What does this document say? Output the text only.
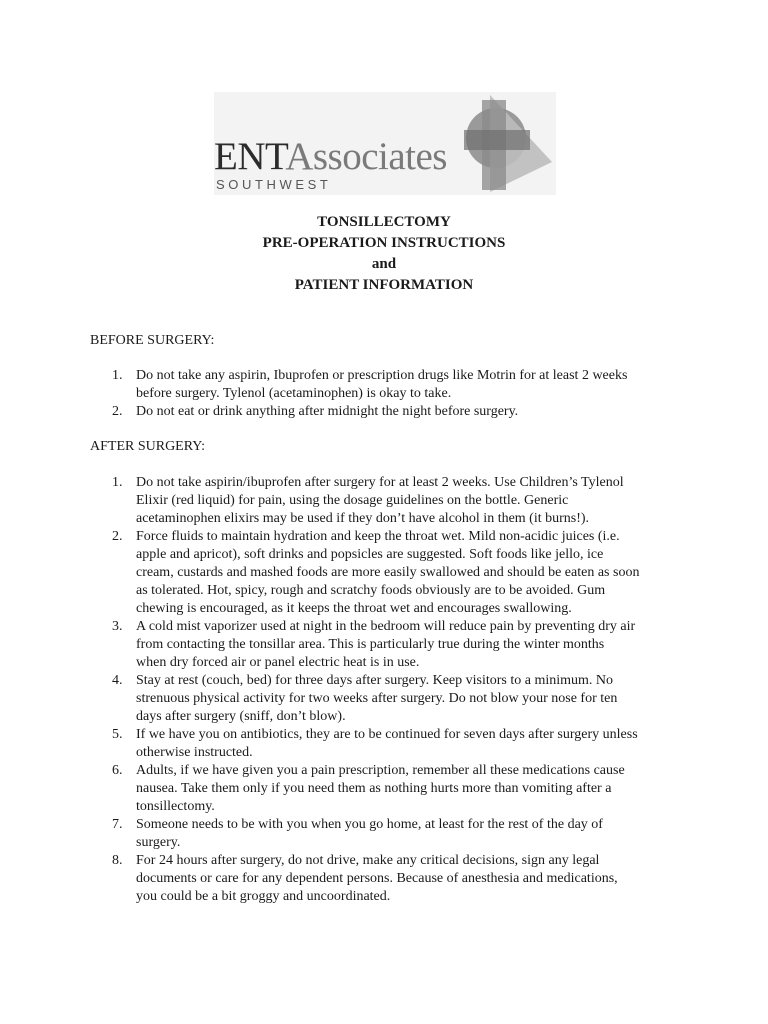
ENTAssociates
SOUTHWEST
TONSILLECTOMY
PRE-OPERATION INSTRUCTIONS
and
PATIENT INFORMATION
BEFORE SURGERY:
1. Do not take any aspirin, Ibuprofen or prescription drugs like Motrin for at least 2 weeks
before surgery. Tylenol (acetaminophen) is okay to take.
2. Do not eat or drink anything after midnight the night before surgery.
AFTER SURGERY:
1. Do not take aspirin/ibuprofen after surgery for at least 2 weeks. Use Children’s Tylenol
Elixir (red liquid) for pain, using the dosage guidelines on the bottle. Generic
acetaminophen elixirs may be used if they don’t have alcohol in them (it burns!).
2. Force fluids to maintain hydration and keep the throat wet. Mild non-acidic juices (i.e.
apple and apricot), soft drinks and popsicles are suggested. Soft foods like jello, ice
cream, custards and mashed foods are more easily swallowed and should be eaten as soon
as tolerated. Hot, spicy, rough and scratchy foods obviously are to be avoided. Gum
chewing is encouraged, as it keeps the throat wet and encourages swallowing.
3. A cold mist vaporizer used at night in the bedroom will reduce pain by preventing dry air
from contacting the tonsillar area. This is particularly true during the winter months
when dry forced air or panel electric heat is in use.
4. Stay at rest (couch, bed) for three days after surgery. Keep visitors to a minimum. No
strenuous physical activity for two weeks after surgery. Do not blow your nose for ten
days after surgery (sniff, don’t blow).
5. If we have you on antibiotics, they are to be continued for seven days after surgery unless
otherwise instructed.
6. Adults, if we have given you a pain prescription, remember all these medications cause
nausea. Take them only if you need them as nothing hurts more than vomiting after a
tonsillectomy.
7. Someone needs to be with you when you go home, at least for the rest of the day of
surgery.
8. For 24 hours after surgery, do not drive, make any critical decisions, sign any legal
documents or care for any dependent persons. Because of anesthesia and medications,
you could be a bit groggy and uncoordinated.
